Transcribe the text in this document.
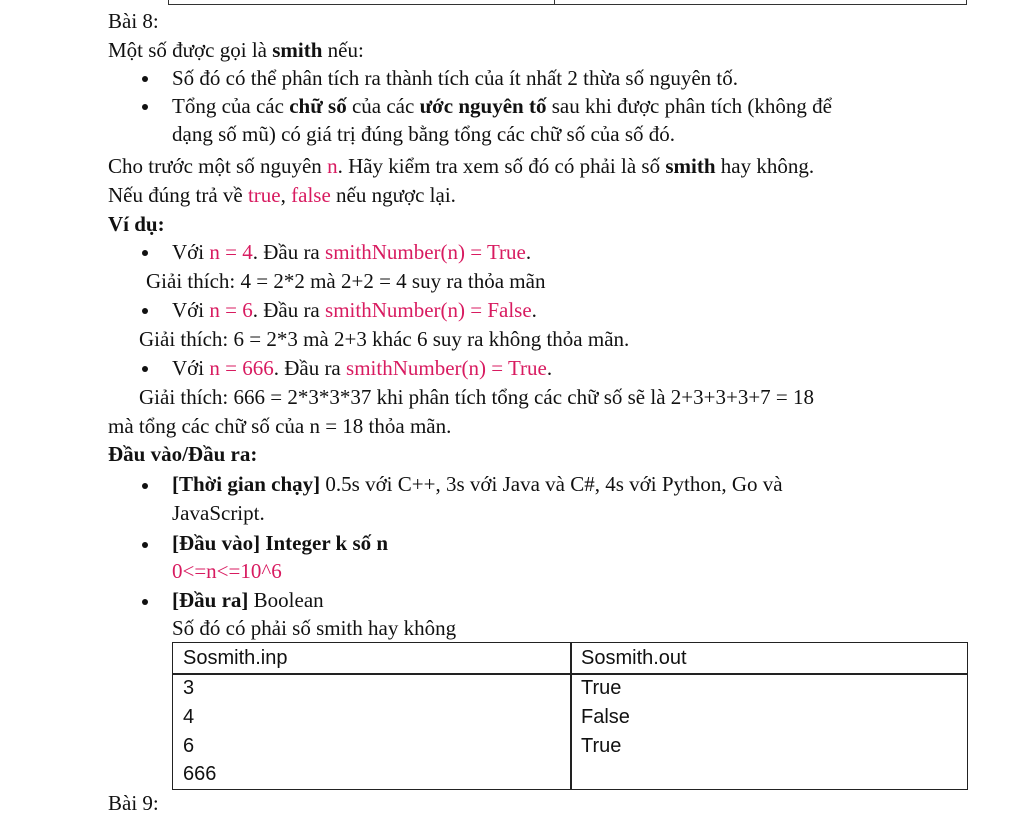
Bài 8:
Một số được gọi là smith nếu:
Số đó có thể phân tích ra thành tích của ít nhất 2 thừa số nguyên tố.
Tổng của các chữ số của các ước nguyên tố sau khi được phân tích (không để
dạng số mũ) có giá trị đúng bằng tổng các chữ số của số đó.
Cho trước một số nguyên n. Hãy kiểm tra xem số đó có phải là số smith hay không.
Nếu đúng trả về true, false nếu ngược lại.
Ví dụ:
Với n = 4. Đầu ra smithNumber(n) = True.
Giải thích: 4 = 2*2 mà 2+2 = 4 suy ra thỏa mãn
Với n = 6. Đầu ra smithNumber(n) = False.
Giải thích: 6 = 2*3 mà 2+3 khác 6 suy ra không thỏa mãn.
Với n = 666. Đầu ra smithNumber(n) = True.
Giải thích: 666 = 2*3*3*37 khi phân tích tổng các chữ số sẽ là 2+3+3+3+7 = 18
mà tổng các chữ số của n = 18 thỏa mãn.
Đầu vào/Đầu ra:
[Thời gian chạy] 0.5s với C++, 3s với Java và C#, 4s với Python, Go và
JavaScript.
[Đầu vào] Integer k số n
0<=n<=10^6
[Đầu ra] Boolean
Số đó có phải số smith hay không
Sosmith.inp	Sosmith.out
3
4
6
666
True
False
True
Bài 9:
